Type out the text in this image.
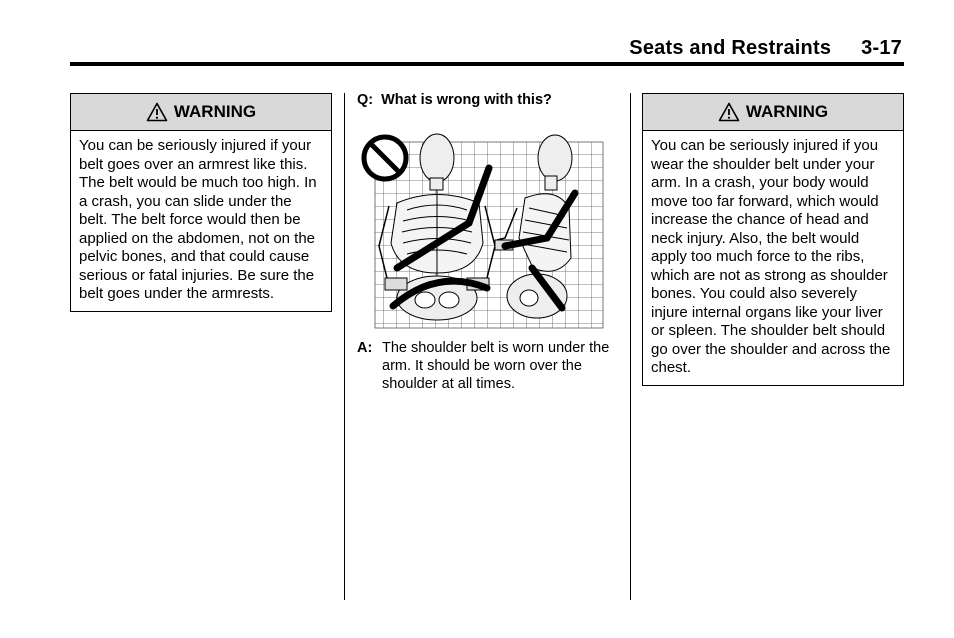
Seats and Restraints 3-17
WARNING
You can be seriously injured if your belt goes over an armrest like this. The belt would be much too high. In a crash, you can slide under the belt. The belt force would then be applied on the abdomen, not on the pelvic bones, and that could cause serious or fatal injuries. Be sure the belt goes under the armrests.
Q: What is wrong with this?
A: The shoulder belt is worn under the arm. It should be worn over the shoulder at all times.
WARNING
You can be seriously injured if you wear the shoulder belt under your arm. In a crash, your body would move too far forward, which would increase the chance of head and neck injury. Also, the belt would apply too much force to the ribs, which are not as strong as shoulder bones. You could also severely injure internal organs like your liver or spleen. The shoulder belt should go over the shoulder and across the chest.
